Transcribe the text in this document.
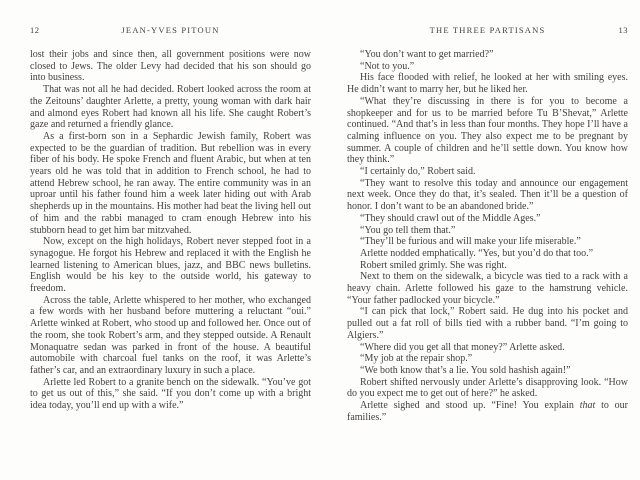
12	JEAN-YVES PITOUN

lost their jobs and since then, all government positions were now closed to Jews. The older Levy had decided that his son should go into business.

That was not all he had decided. Robert looked across the room at the Zeitouns’ daughter Arlette, a pretty, young woman with dark hair and almond eyes Robert had known all his life. She caught Robert’s gaze and returned a friendly glance.

As a first-born son in a Sephardic Jewish family, Robert was expected to be the guardian of tradition. But rebellion was in every fiber of his body. He spoke French and fluent Arabic, but when at ten years old he was told that in addition to French school, he had to attend Hebrew school, he ran away. The entire community was in an uproar until his father found him a week later hiding out with Arab shepherds up in the mountains. His mother had beat the living hell out of him and the rabbi managed to cram enough Hebrew into his stubborn head to get him bar mitzvahed.

Now, except on the high holidays, Robert never stepped foot in a synagogue. He forgot his Hebrew and replaced it with the English he learned listening to American blues, jazz, and BBC news bulletins. English would be his key to the outside world, his gateway to freedom.

Across the table, Arlette whispered to her mother, who exchanged a few words with her husband before muttering a reluctant “oui.” Arlette winked at Robert, who stood up and followed her. Once out of the room, she took Robert’s arm, and they stepped outside. A Renault Monaquatre sedan was parked in front of the house. A beautiful automobile with charcoal fuel tanks on the roof, it was Arlette’s father’s car, and an extraordinary luxury in such a place.

Arlette led Robert to a granite bench on the sidewalk. “You’ve got to get us out of this,” she said. “If you don’t come up with a bright idea today, you’ll end up with a wife.”

13
THE THREE PARTISANS

“You don’t want to get married?”

“Not to you.”

His face flooded with relief, he looked at her with smiling eyes. He didn’t want to marry her, but he liked her.

“What they’re discussing in there is for you to become a shopkeeper and for us to be married before Tu B’Shevat,” Arlette continued. “And that’s in less than four months. They hope I’ll have a calming influence on you. They also expect me to be pregnant by summer. A couple of children and he’ll settle down. You know how they think.”

“I certainly do,” Robert said.

“They want to resolve this today and announce our engagement next week. Once they do that, it’s sealed. Then it’ll be a question of honor. I don’t want to be an abandoned bride.”

“They should crawl out of the Middle Ages.”

“You go tell them that.”

“They’ll be furious and will make your life miserable.”

Arlette nodded emphatically. “Yes, but you’d do that too.”

Robert smiled grimly. She was right.

Next to them on the sidewalk, a bicycle was tied to a rack with a heavy chain. Arlette followed his gaze to the hamstrung vehicle. “Your father padlocked your bicycle.”

“I can pick that lock,” Robert said. He dug into his pocket and pulled out a fat roll of bills tied with a rubber band. “I’m going to Algiers.”

“Where did you get all that money?” Arlette asked.

“My job at the repair shop.”

“We both know that’s a lie. You sold hashish again!”

Robert shifted nervously under Arlette’s disapproving look. “How do you expect me to get out of here?” he asked.

Arlette sighed and stood up. “Fine! You explain that to our families.”
